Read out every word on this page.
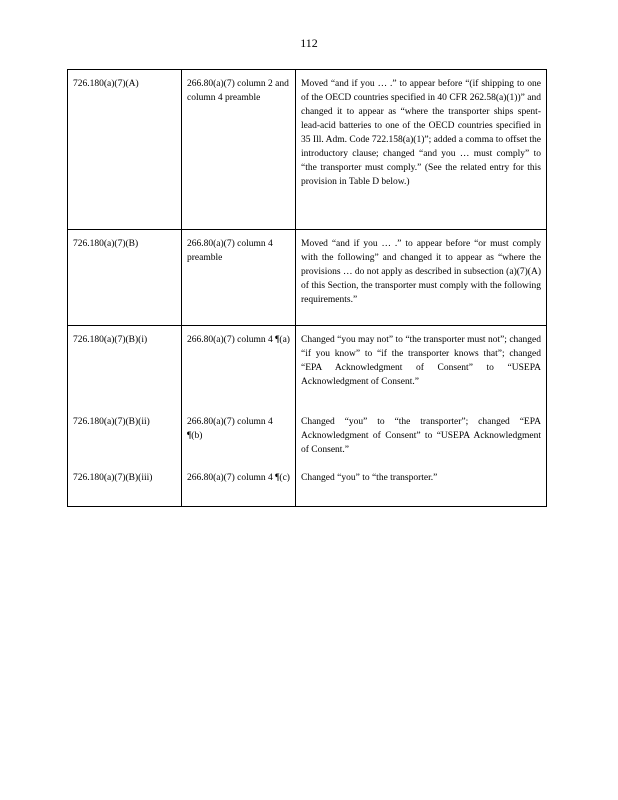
112
726.180(a)(7)(A)	266.80(a)(7) column 2 and column 4 preamble	Moved “and if you … .” to appear before “(if shipping to one of the OECD countries specified in 40 CFR 262.58(a)(1))” and changed it to appear as “where the transporter ships spent-lead-acid batteries to one of the OECD countries specified in 35 Ill. Adm. Code 722.158(a)(1)”; added a comma to offset the introductory clause; changed “and you … must comply” to “the transporter must comply.” (See the related entry for this provision in Table D below.)
726.180(a)(7)(B)	266.80(a)(7) column 4 preamble	Moved “and if you … .” to appear before “or must comply with the following” and changed it to appear as “where the provisions … do not apply as described in subsection (a)(7)(A) of this Section, the transporter must comply with the following requirements.”
726.180(a)(7)(B)(i)	266.80(a)(7) column 4 ¶(a)	Changed “you may not” to “the transporter must not”; changed “if you know” to “if the transporter knows that”; changed “EPA Acknowledgment of Consent” to “USEPA Acknowledgment of Consent.”
726.180(a)(7)(B)(ii)	266.80(a)(7) column 4 ¶(b)	Changed “you” to “the transporter”; changed “EPA Acknowledgment of Consent” to “USEPA Acknowledgment of Consent.”
726.180(a)(7)(B)(iii)	266.80(a)(7) column 4 ¶(c)	Changed “you” to “the transporter.”
